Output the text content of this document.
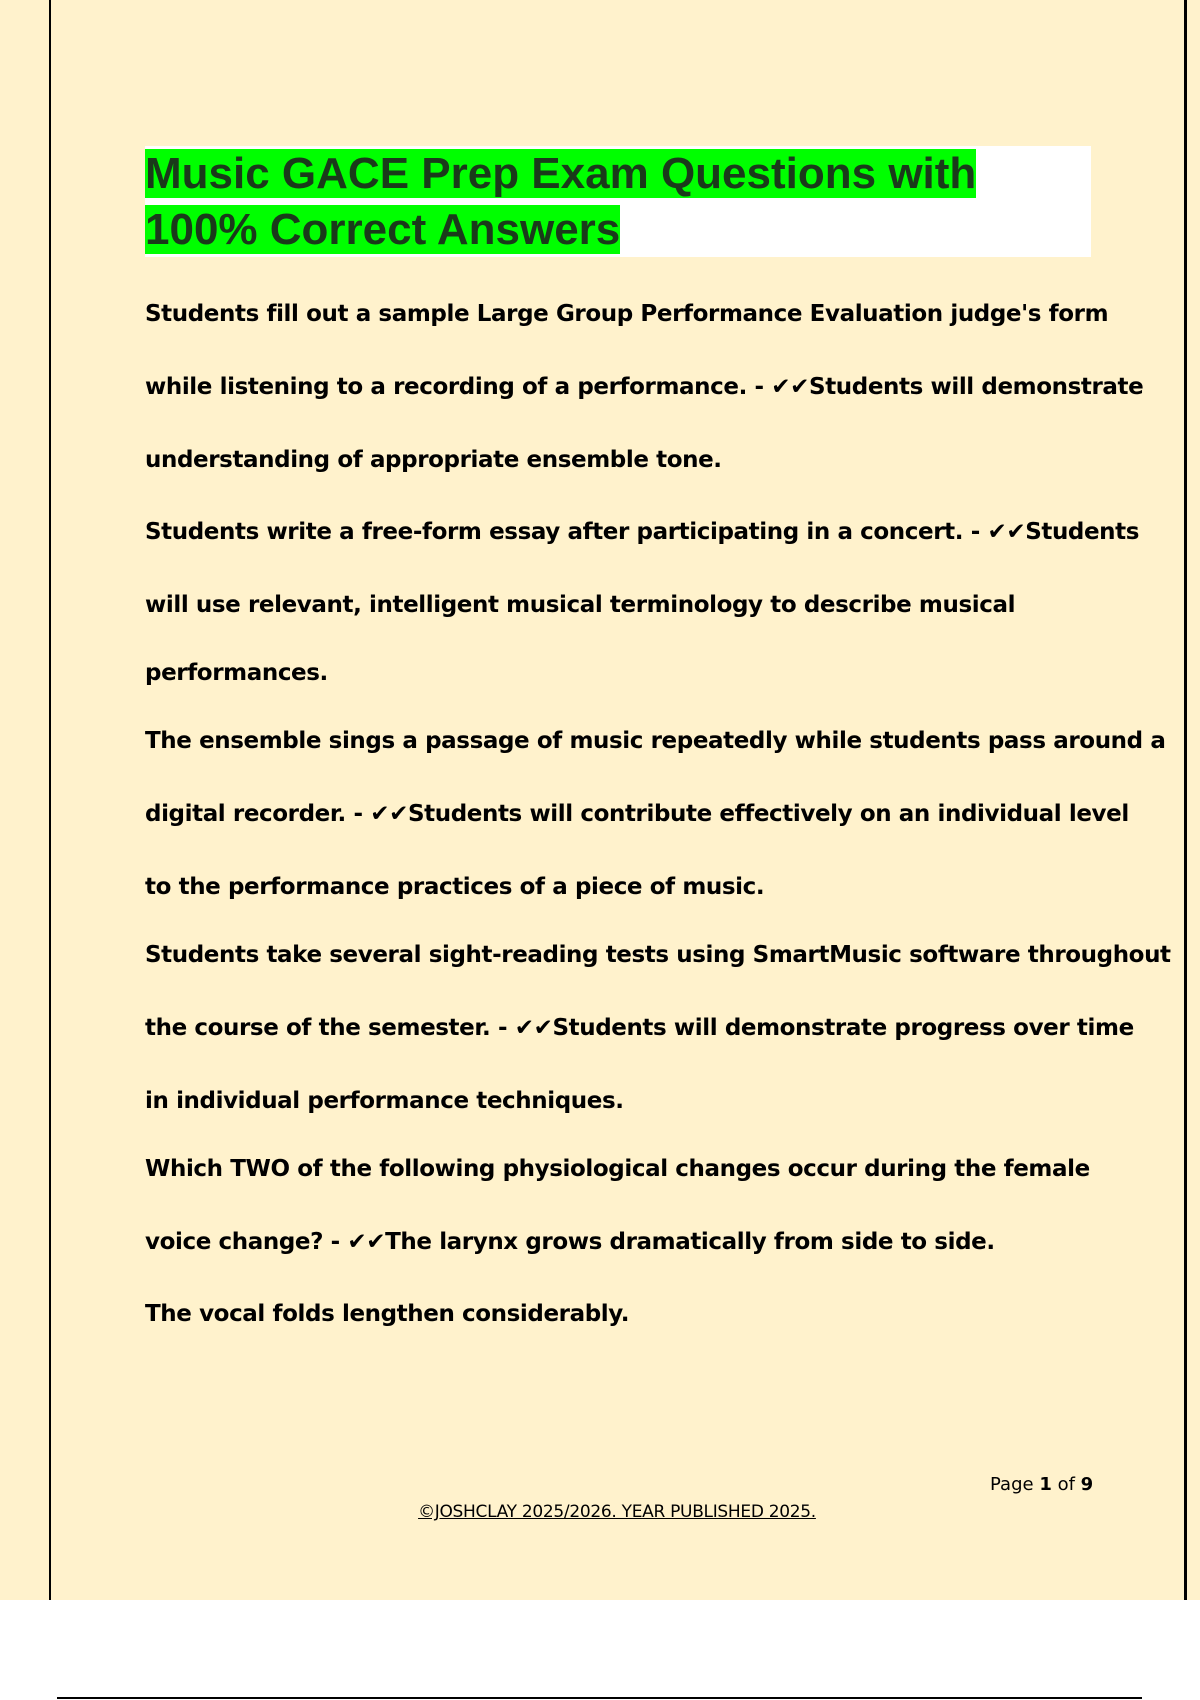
Music GACE Prep Exam Questions with 100% Correct Answers
Students fill out a sample Large Group Performance Evaluation judge's form
while listening to a recording of a performance. - ✔✔Students will demonstrate
understanding of appropriate ensemble tone.
Students write a free-form essay after participating in a concert. - ✔✔Students
will use relevant, intelligent musical terminology to describe musical
performances.
The ensemble sings a passage of music repeatedly while students pass around a
digital recorder. - ✔✔Students will contribute effectively on an individual level
to the performance practices of a piece of music.
Students take several sight-reading tests using SmartMusic software throughout
the course of the semester. - ✔✔Students will demonstrate progress over time
in individual performance techniques.
Which TWO of the following physiological changes occur during the female
voice change? - ✔✔The larynx grows dramatically from side to side.
The vocal folds lengthen considerably.
Page 1 of 9
©JOSHCLAY 2025/2026. YEAR PUBLISHED 2025.
